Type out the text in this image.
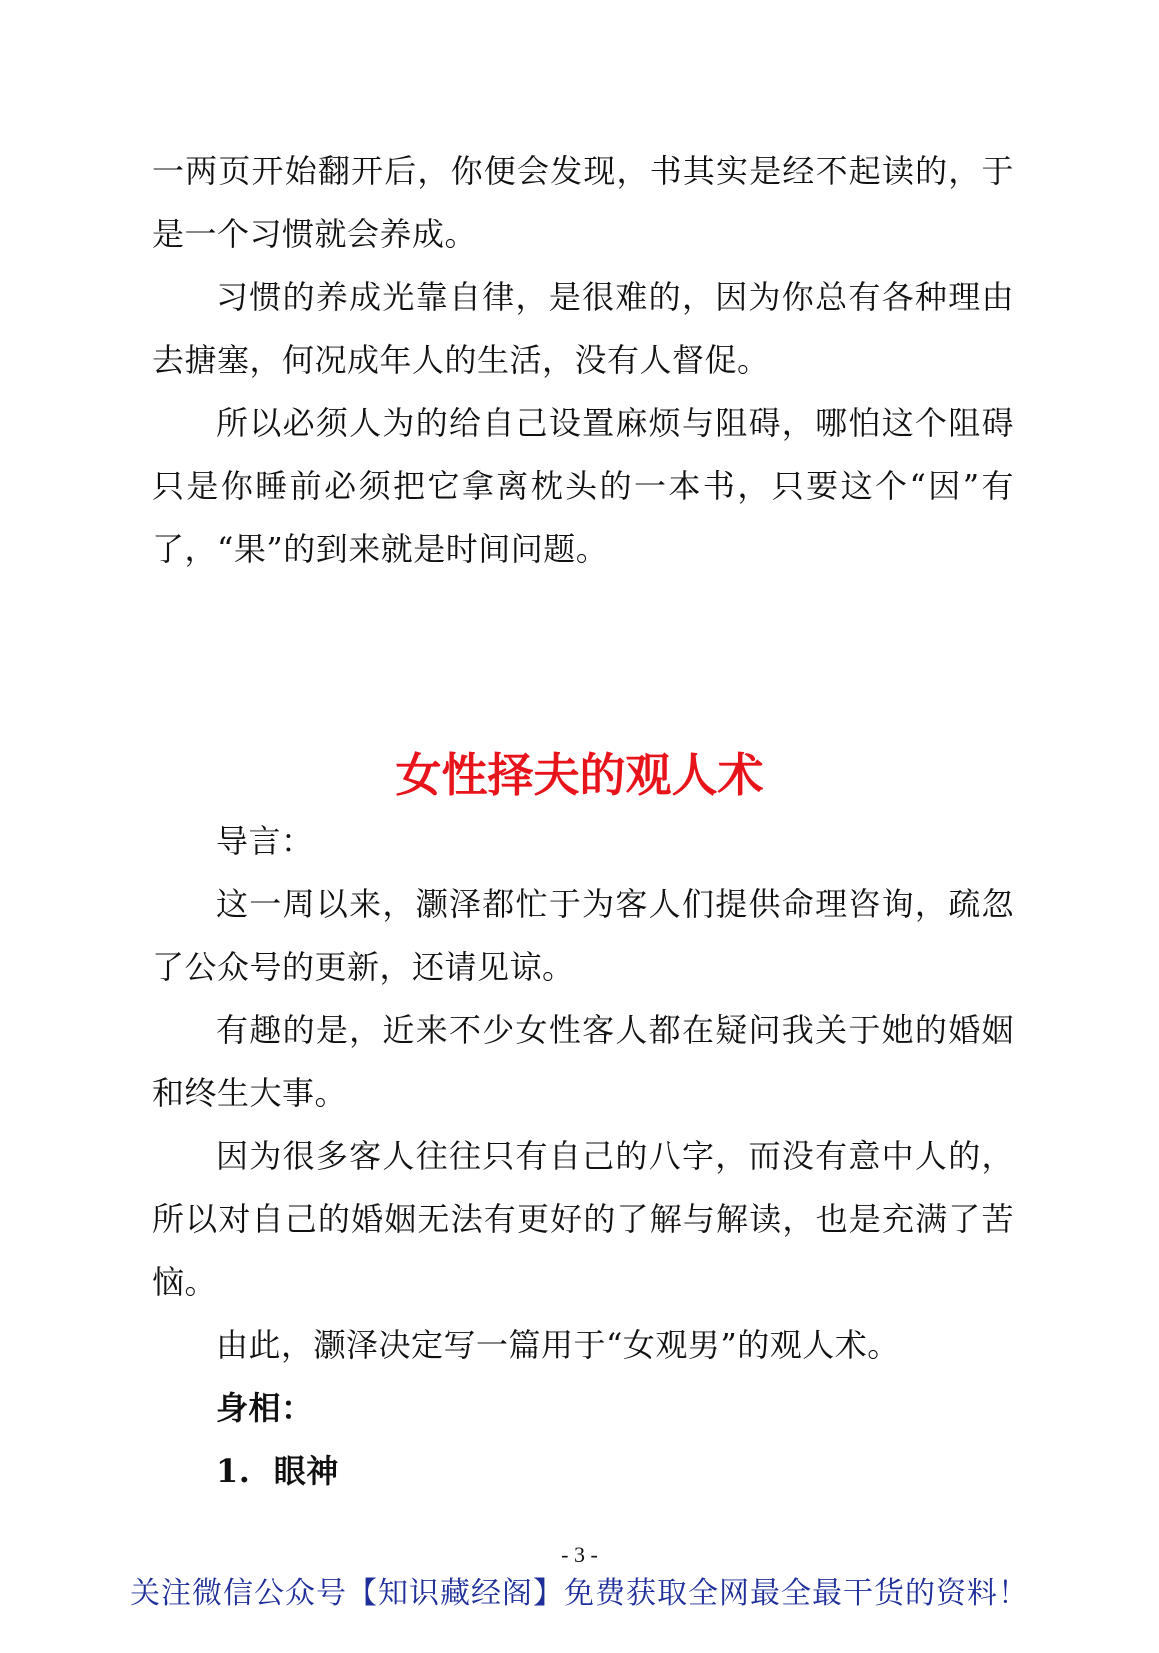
一两页开始翻开后，你便会发现，书其实是经不起读的，于是一个习惯就会养成。

习惯的养成光靠自律，是很难的，因为你总有各种理由去搪塞，何况成年人的生活，没有人督促。

所以必须人为的给自己设置麻烦与阻碍，哪怕这个阻碍只是你睡前必须把它拿离枕头的一本书，只要这个“因”有了，“果”的到来就是时间问题。

女性择夫的观人术

导言：

这一周以来，灏泽都忙于为客人们提供命理咨询，疏忽了公众号的更新，还请见谅。

有趣的是，近来不少女性客人都在疑问我关于她的婚姻和终生大事。

因为很多客人往往只有自己的八字，而没有意中人的，所以对自己的婚姻无法有更好的了解与解读，也是充满了苦恼。

由此，灏泽决定写一篇用于“女观男”的观人术。

身相：

1.  眼神

- 3 -
关注微信公众号【知识藏经阁】免费获取全网最全最干货的资料！
